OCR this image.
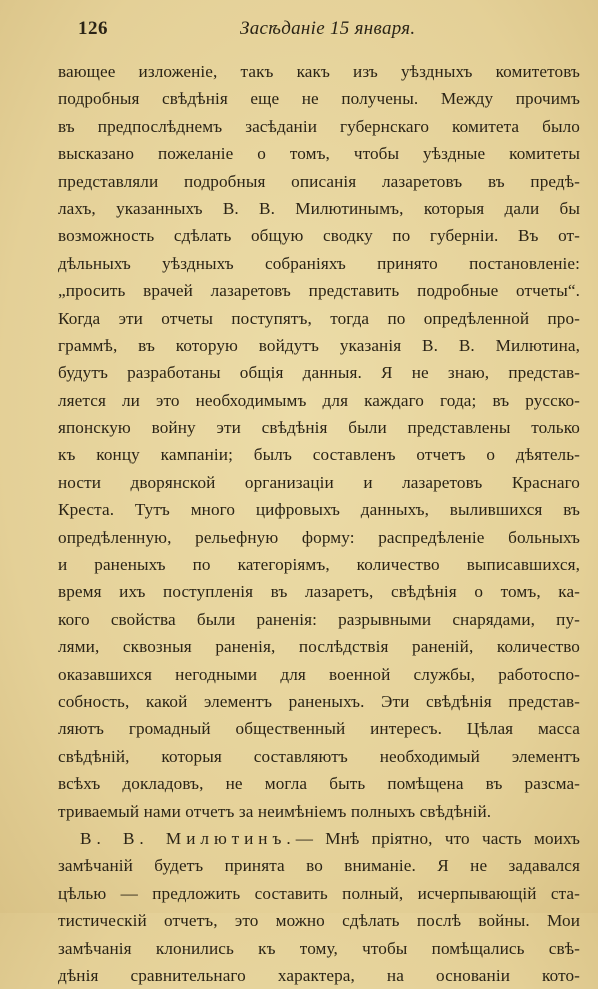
126	Засѣданіе 15 января.
вающее изложеніе, такъ какъ изъ уѣздныхъ комитетовъ
подробныя свѣдѣнія еще не получены. Между прочимъ
въ предпослѣднемъ засѣданіи губернскаго комитета было
высказано пожеланіе о томъ, чтобы уѣздные комитеты
представляли подробныя описанія лазаретовъ въ предѣ-
лахъ, указанныхъ В. В. Милютинымъ, которыя дали бы
возможность сдѣлать общую сводку по губерніи. Въ от-
дѣльныхъ уѣздныхъ собраніяхъ принято постановленіе:
„просить врачей лазаретовъ представить подробные отчеты“.
Когда эти отчеты поступятъ, тогда по опредѣленной про-
граммѣ, въ которую войдутъ указанія В. В. Милютина,
будутъ разработаны общія данныя. Я не знаю, представ-
ляется ли это необходимымъ для каждаго года; въ русско-
японскую войну эти свѣдѣнія были представлены только
къ концу кампаніи; былъ составленъ отчетъ о дѣятель-
ности дворянской организаціи и лазаретовъ Краснаго
Креста. Тутъ много цифровыхъ данныхъ, вылившихся въ
опредѣленную, рельефную форму: распредѣленіе больныхъ
и раненыхъ по категоріямъ, количество выписавшихся,
время ихъ поступленія въ лазаретъ, свѣдѣнія о томъ, ка-
кого свойства были раненія: разрывными снарядами, пу-
лями, сквозныя раненія, послѣдствія раненій, количество
оказавшихся негодными для военной службы, работоспо-
собность, какой элементъ раненыхъ. Эти свѣдѣнія представ-
ляютъ громадный общественный интересъ. Цѣлая масса
свѣдѣній, которыя составляютъ необходимый элементъ
всѣхъ докладовъ, не могла быть помѣщена въ разсма-
триваемый нами отчетъ за неимѣніемъ полныхъ свѣдѣній.
В. В. Милютинъ.— Мнѣ пріятно, что часть моихъ
замѣчаній будетъ принята во вниманіе. Я не задавался
цѣлью — предложить составить полный, исчерпывающій ста-
тистическій отчетъ, это можно сдѣлать послѣ войны. Мои
замѣчанія клонились къ тому, чтобы помѣщались свѣ-
дѣнія сравнительнаго характера, на основаніи кото-
